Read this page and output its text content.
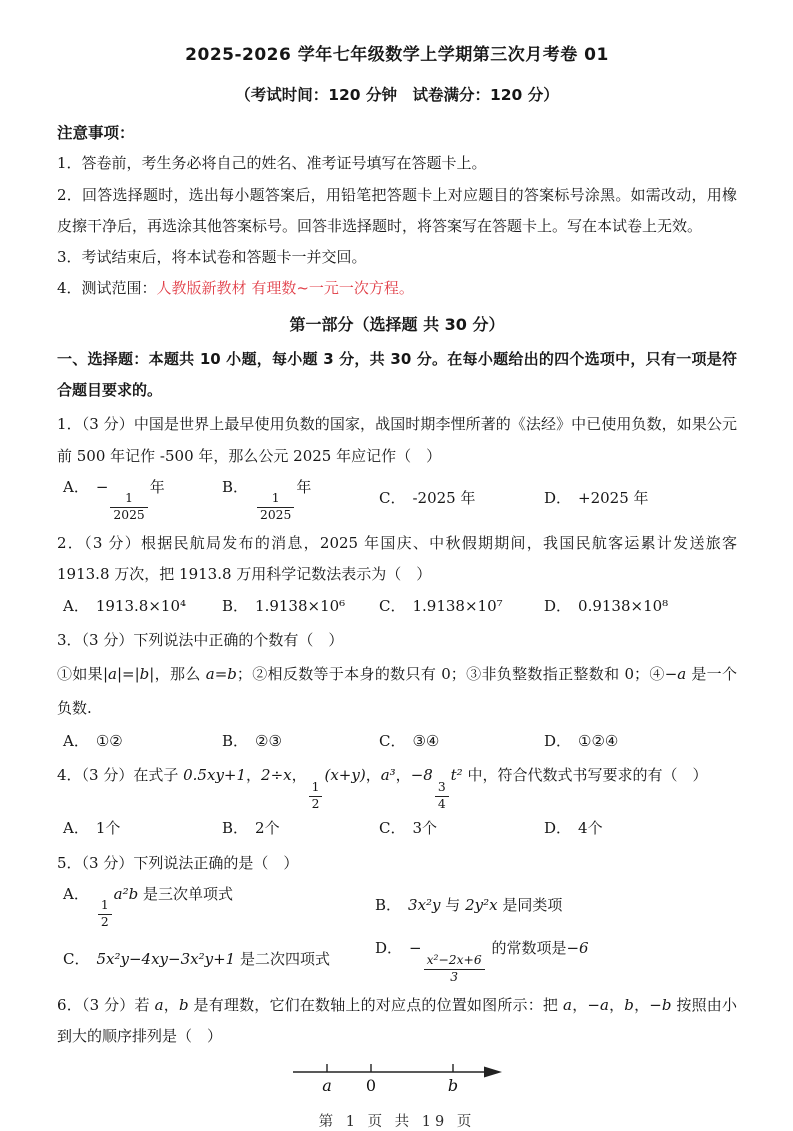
2025-2026 学年七年级数学上学期第三次月考卷 01
（考试时间：120 分钟　试卷满分：120 分）
注意事项：

1．答卷前，考生务必将自己的姓名、准考证号填写在答题卡上。

2．回答选择题时，选出每小题答案后，用铅笔把答题卡上对应题目的答案标号涂黑。如需改动，用橡皮擦干净后，再选涂其他答案标号。回答非选择题时，将答案写在答题卡上。写在本试卷上无效。

3．考试结束后，将本试卷和答题卡一并交回。

4．测试范围：人教版新教材 有理数~一元一次方程。

第一部分（选择题 共 30 分）

一、选择题：本题共 10 小题，每小题 3 分，共 30 分。在每小题给出的四个选项中，只有一项是符合题目要求的。

1．（3 分）中国是世界上最早使用负数的国家，战国时期李悝所著的《法经》中已使用负数，如果公元前 500 年记作 -500 年，那么公元 2025 年应记作（　）

A． −
$\frac{1}{2025}$
年	B．
$\frac{1}{2025}$
年
C． -2025 年	D． +2025 年

2．（3 分）根据民航局发布的消息，2025 年国庆、中秋假期期间，我国民航客运累计发送旅客 1913.8 万次，把 1913.8 万用科学记数法表示为（　）

A． 1913.8×10⁴	B． 1.9138×10⁶	C． 1.9138×10⁷	D． 0.9138×10⁸

3．（3 分）下列说法中正确的个数有（　）

①如果|a|=|b|，那么 a=b；②相反数等于本身的数只有 0；③非负整数指正整数和 0；④−a 是一个负数.

A． ①②	B． ②③	C． ③④	D． ①②④

4．（3 分）在式子 0.5xy+1，2÷x，
$\frac{1}{2}$
(x+y)，a³，−8
$\frac{3}{4}$
t² 中，符合代数式书写要求的有（　）

A． 1个	B． 2个	C． 3个	D． 4个

5．（3 分）下列说法正确的是（　）

A．
$\frac{1}{2}$
a²b 是三次单项式
B． 3x²y 与 2y²x 是同类项
C． 5x²y−4xy−3x²y+1 是二次四项式
D． −
$\frac{\text{x²−2x+6}}{3}$
的常数项是−6

6．（3 分）若 a，b 是有理数，它们在数轴上的对应点的位置如图所示：把 a，−a，b，−b 按照由小到大的顺序排列是（　）

a 0	b
第 1 页 共 19 页
